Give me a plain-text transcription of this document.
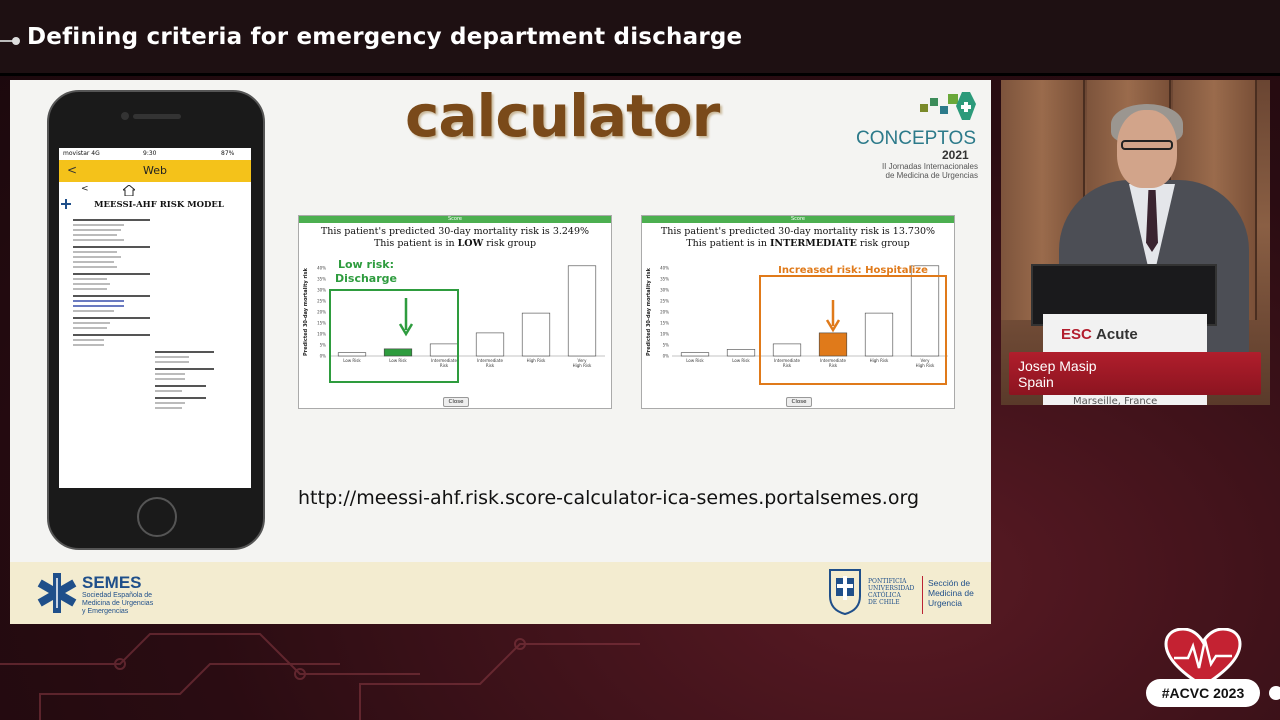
Defining criteria for emergency department discharge
calculator	CONCEPTOS
2021
II Jornadas Internacionales
de Medicina de Urgencias
movistar 4G	9:30	87%
<	Web
<
MEESSI-AHF RISK MODEL
Score
This patient's predicted 30-day mortality risk is 3.249%
This patient is in LOW risk group
Predicted 30-day mortality risk
0%
5%
10%
15%
20%
25%
30%
35%
40%
Low Risk	Low Risk	Intermediate
Risk
Intermediate
Risk
High Risk	Very
High Risk
Low risk:
Discharge
Close
Score
This patient's predicted 30-day mortality risk is 13.730%
This patient is in INTERMEDIATE risk group
Predicted 30-day mortality risk
0%
5%
10%
15%
20%
25%
30%
35%
40%
Low Risk	Low Risk	Intermediate
Risk
Intermediate
Risk
High Risk	Very
High Risk
Increased risk: Hospitalize
Close
http://meessi-ahf.risk.score-calculator-ica-semes.portalsemes.org
SEMES
Sociedad Española de
Medicina de Urgencias
y Emergencias
PONTIFICIA
UNIVERSIDAD
CATÓLICA
DE CHILE
Sección de
Medicina de
Urgencia
ESC Acute
Marseille, France
Josep Masip
Spain
#ACVC 2023
